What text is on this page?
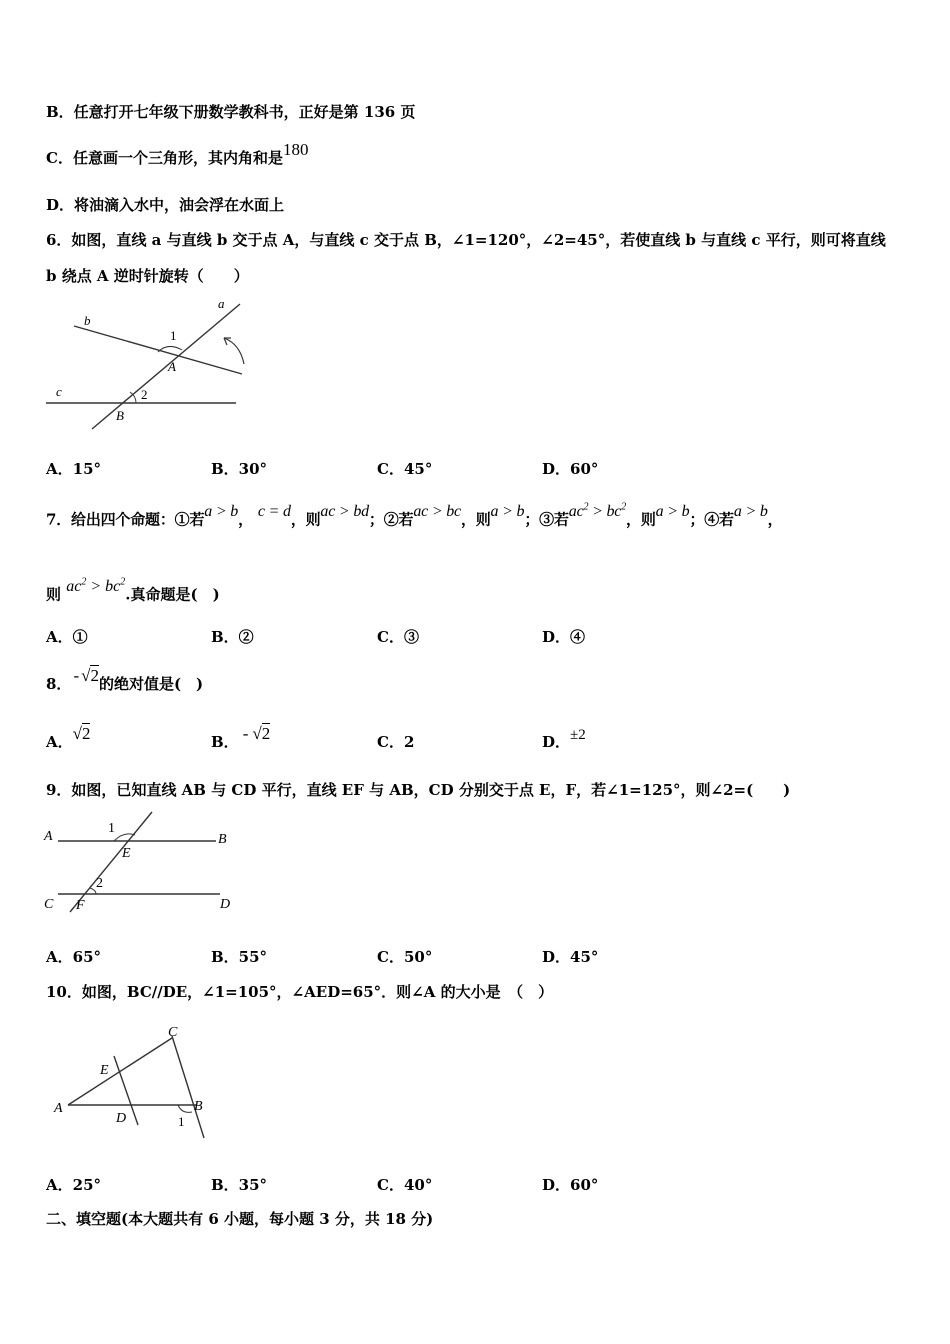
B．任意打开七年级下册数学教科书，正好是第 136 页
C．任意画一个三角形，其内角和是180
D．将油滴入水中，油会浮在水面上
6．如图，直线 a 与直线 b 交于点 A，与直线 c 交于点 B，∠1=120°，∠2=45°，若使直线 b 与直线 c 平行，则可将直线
b 绕点 A 逆时针旋转（　　）
a
b
c
A
B
1
2
A．15°	B．30°	C．45°	D．60°
7．给出四个命题：①若a > b， c = d，则ac > bd；②若ac > bc，则a > b；③若$ac^2 > bc^2$，则a > b；④若a > b，
则 $ac^2 > bc^2$.真命题是(　)
A．①	B．②	C．③	D．④
8． - √2的绝对值是(　)
A．√2	B． - √2	C．2	D．±2
9．如图，已知直线 AB 与 CD 平行，直线 EF 与 AB，CD 分别交于点 E，F，若∠1=125°，则∠2=(　　)
A	B
C	D
E
F
1
2
A．65°	B．55°	C．50°	D．45°
10．如图，BC//DE，∠1=105°，∠AED=65°．则∠A 的大小是　（　）
A	B
C
D
E
1
A．25°	B．35°	C．40°	D．60°
二、填空题(本大题共有 6 小题，每小题 3 分，共 18 分)
